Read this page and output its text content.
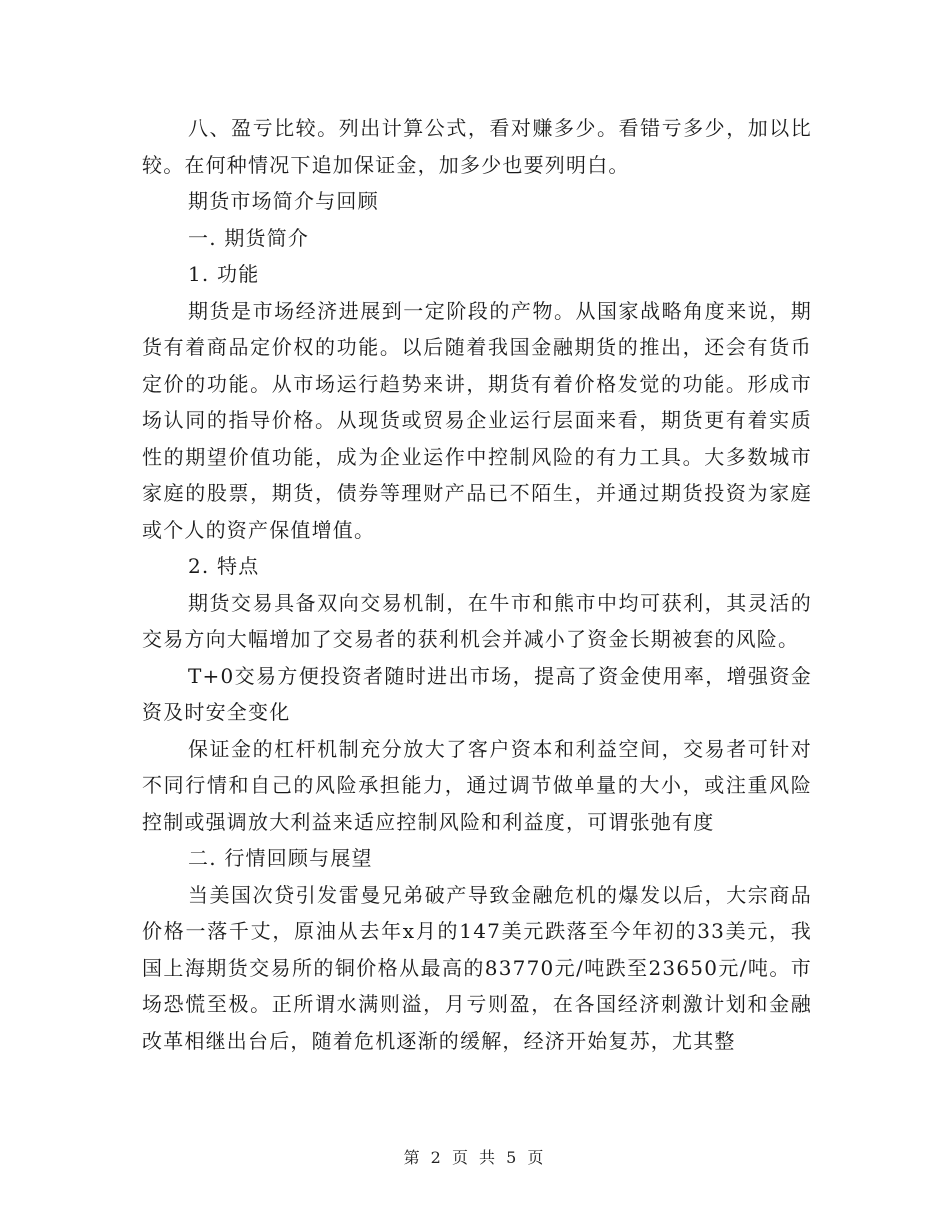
八、盈亏比较。列出计算公式，看对赚多少。看错亏多少，加以比较。在何种情况下追加保证金，加多少也要列明白。

期货市场简介与回顾

一. 期货简介

1. 功能

期货是市场经济进展到一定阶段的产物。从国家战略角度来说，期货有着商品定价权的功能。以后随着我国金融期货的推出，还会有货币定价的功能。从市场运行趋势来讲，期货有着价格发觉的功能。形成市场认同的指导价格。从现货或贸易企业运行层面来看，期货更有着实质性的期望价值功能，成为企业运作中控制风险的有力工具。大多数城市家庭的股票，期货，债券等理财产品已不陌生，并通过期货投资为家庭或个人的资产保值增值。

2. 特点

期货交易具备双向交易机制，在牛市和熊市中均可获利，其灵活的交易方向大幅增加了交易者的获利机会并减小了资金长期被套的风险。

T+0交易方便投资者随时进出市场，提高了资金使用率，增强资金资及时安全变化

保证金的杠杆机制充分放大了客户资本和利益空间，交易者可针对不同行情和自己的风险承担能力，通过调节做单量的大小，或注重风险控制或强调放大利益来适应控制风险和利益度，可谓张弛有度

二. 行情回顾与展望

当美国次贷引发雷曼兄弟破产导致金融危机的爆发以后，大宗商品价格一落千丈，原油从去年x月的147美元跌落至今年初的33美元，我国上海期货交易所的铜价格从最高的83770元/吨跌至23650元/吨。市场恐慌至极。正所谓水满则溢，月亏则盈，在各国经济刺激计划和金融改革相继出台后，随着危机逐渐的缓解，经济开始复苏，尤其整

第 2 页 共 5 页
